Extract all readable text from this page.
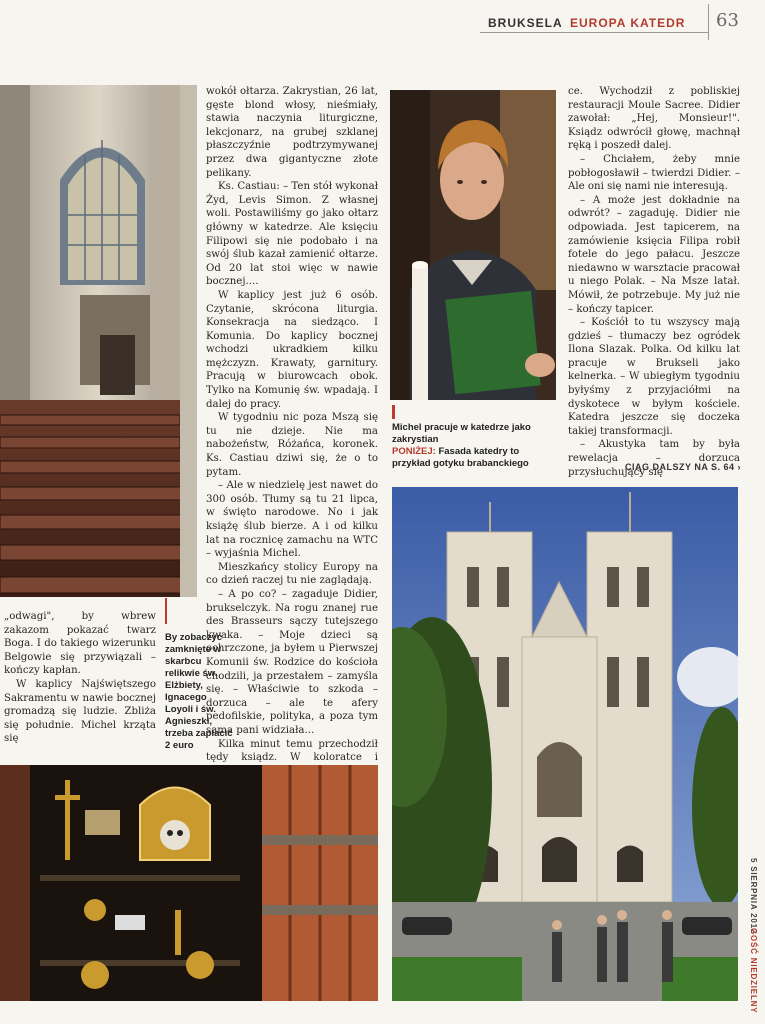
BRUKSELA EUROPA KATEDR 63

„odwagi", by wbrew zakazom pokazać twarz Boga. I do takiego wizerunku Belgowie się przywiązali – kończy kapłan.

W kaplicy Najświętszego Sakramentu w nawie bocznej gromadzą się ludzie. Zbliża się południe. Michel krząta się

By zobaczyć zamknięte w skarbcu relikwie św. Elżbiety, Ignacego Loyoli i św. Agnieszki, trzeba zapłacić 2 euro

wokół ołtarza. Zakrystian, 26 lat, gęste blond włosy, nieśmiały, stawia naczynia liturgiczne, lekcjonarz, na grubej szklanej płaszczyźnie podtrzymywanej przez dwa gigantyczne złote pelikany.

Ks. Castiau: – Ten stół wykonał Żyd, Levis Simon. Z własnej woli. Postawiliśmy go jako ołtarz główny w katedrze. Ale księciu Filipowi się nie podobało i na swój ślub kazał zamienić ołtarze. Od 20 lat stoi więc w nawie bocznej....

W kaplicy jest już 6 osób. Czytanie, skrócona liturgia. Konsekracja na siedząco. I Komunia. Do kaplicy bocznej wchodzi ukradkiem kilku mężczyzn. Krawaty, garnitury. Pracują w biurowcach obok. Tylko na Komunię św. wpadają. I dalej do pracy.

W tygodniu nic poza Mszą się tu nie dzieje. Nie ma nabożeństw, Różańca, koronek. Ks. Castiau dziwi się, że o to pytam.

– Ale w niedzielę jest nawet do 300 osób. Tłumy są tu 21 lipca, w święto narodowe. No i jak książę ślub bierze. A i od kilku lat na rocznicę zamachu na WTC – wyjaśnia Michel.

Mieszkańcy stolicy Europy na co dzień raczej tu nie zaglądają.

– A po co? – zagaduje Didier, brukselczyk. Na rogu znanej rue des Brasseurs sączy tutejszego kwaka. – Moje dzieci są ochrzczone, ja byłem u Pierwszej Komunii św. Rodzice do kościoła chodzili, ja przestałem – zamyśla się. – Właściwie to szkoda – dorzuca – ale te afery pedofilskie, polityka, a poza tym sama pani widziała...

Kilka minut temu przechodził tędy ksiądz. W koloratce i

Michel pracuje w katedrze jako zakrystian
PONIŻEJ: Fasada katedry to przykład gotyku brabanckiego

ce. Wychodził z pobliskiej restauracji Moule Sacree. Didier zawołał: „Hej, Monsieur!". Ksiądz odwrócił głowę, machnął ręką i poszedł dalej.

– Chciałem, żeby mnie pobłogosławił – twierdzi Didier. – Ale oni się nami nie interesują.

– A może jest dokładnie na odwrót? – zagaduję. Didier nie odpowiada. Jest tapicerem, na zamówienie księcia Filipa robił fotele do jego pałacu. Jeszcze niedawno w warsztacie pracował u niego Polak. – Na Msze latał. Mówił, że potrzebuje. My już nie – kończy tapicer.

– Kościół to tu wszyscy mają gdzieś – tłumaczy bez ogródek Ilona Slazak. Polka. Od kilku lat pracuje w Brukseli jako kelnerka. – W ubiegłym tygodniu byłyśmy z przyjaciółmi na dyskotece w byłym kościele. Katedra jeszcze się doczeka takiej transformacji.

– Akustyka tam by była rewelacja – dorzuca przysłuchujący się

CIĄG DALSZY NA S. 64 ›
5 SIERPNIA 2012
GOŚĆ NIEDZIELNY
